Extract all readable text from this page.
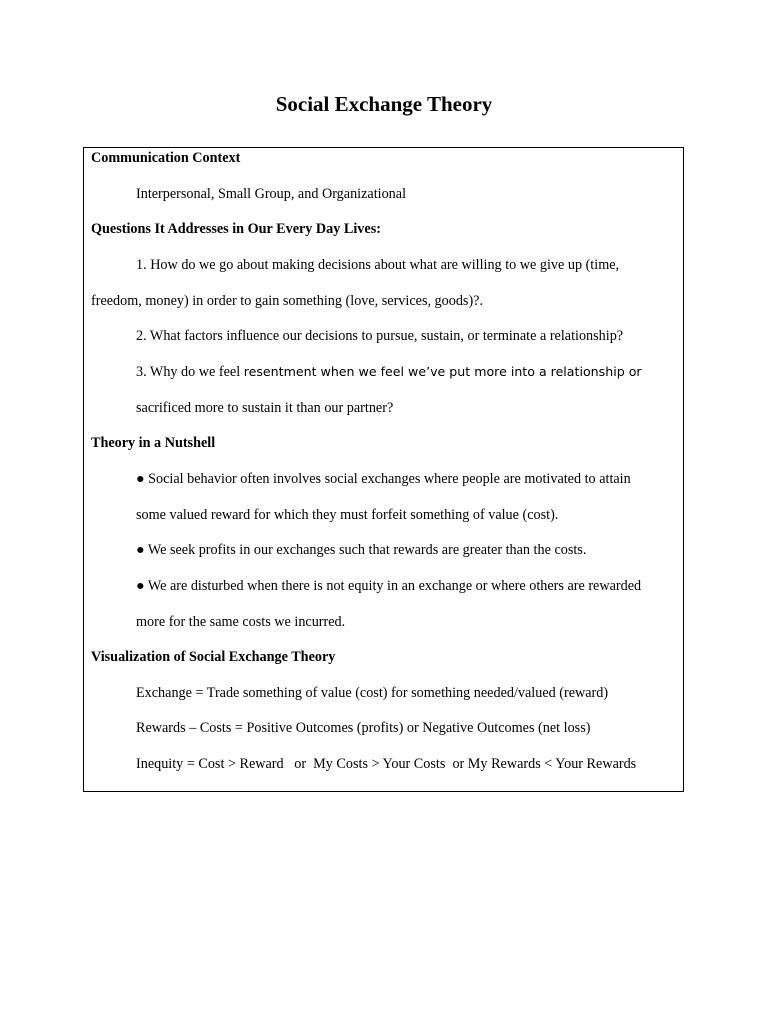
Social Exchange Theory
Communication Context
Interpersonal, Small Group, and Organizational
Questions It Addresses in Our Every Day Lives:
1. How do we go about making decisions about what are willing to we give up (time,
freedom, money) in order to gain something (love, services, goods)?.
2. What factors influence our decisions to pursue, sustain, or terminate a relationship?
3. Why do we feel resentment when we feel we’ve put more into a relationship or
sacrificed more to sustain it than our partner?
Theory in a Nutshell
● Social behavior often involves social exchanges where people are motivated to attain
some valued reward for which they must forfeit something of value (cost).
● We seek profits in our exchanges such that rewards are greater than the costs.
● We are disturbed when there is not equity in an exchange or where others are rewarded
more for the same costs we incurred.
Visualization of Social Exchange Theory
Exchange = Trade something of value (cost) for something needed/valued (reward)
Rewards – Costs = Positive Outcomes (profits) or Negative Outcomes (net loss)
Inequity = Cost > Reward   or  My Costs > Your Costs  or My Rewards < Your Rewards
